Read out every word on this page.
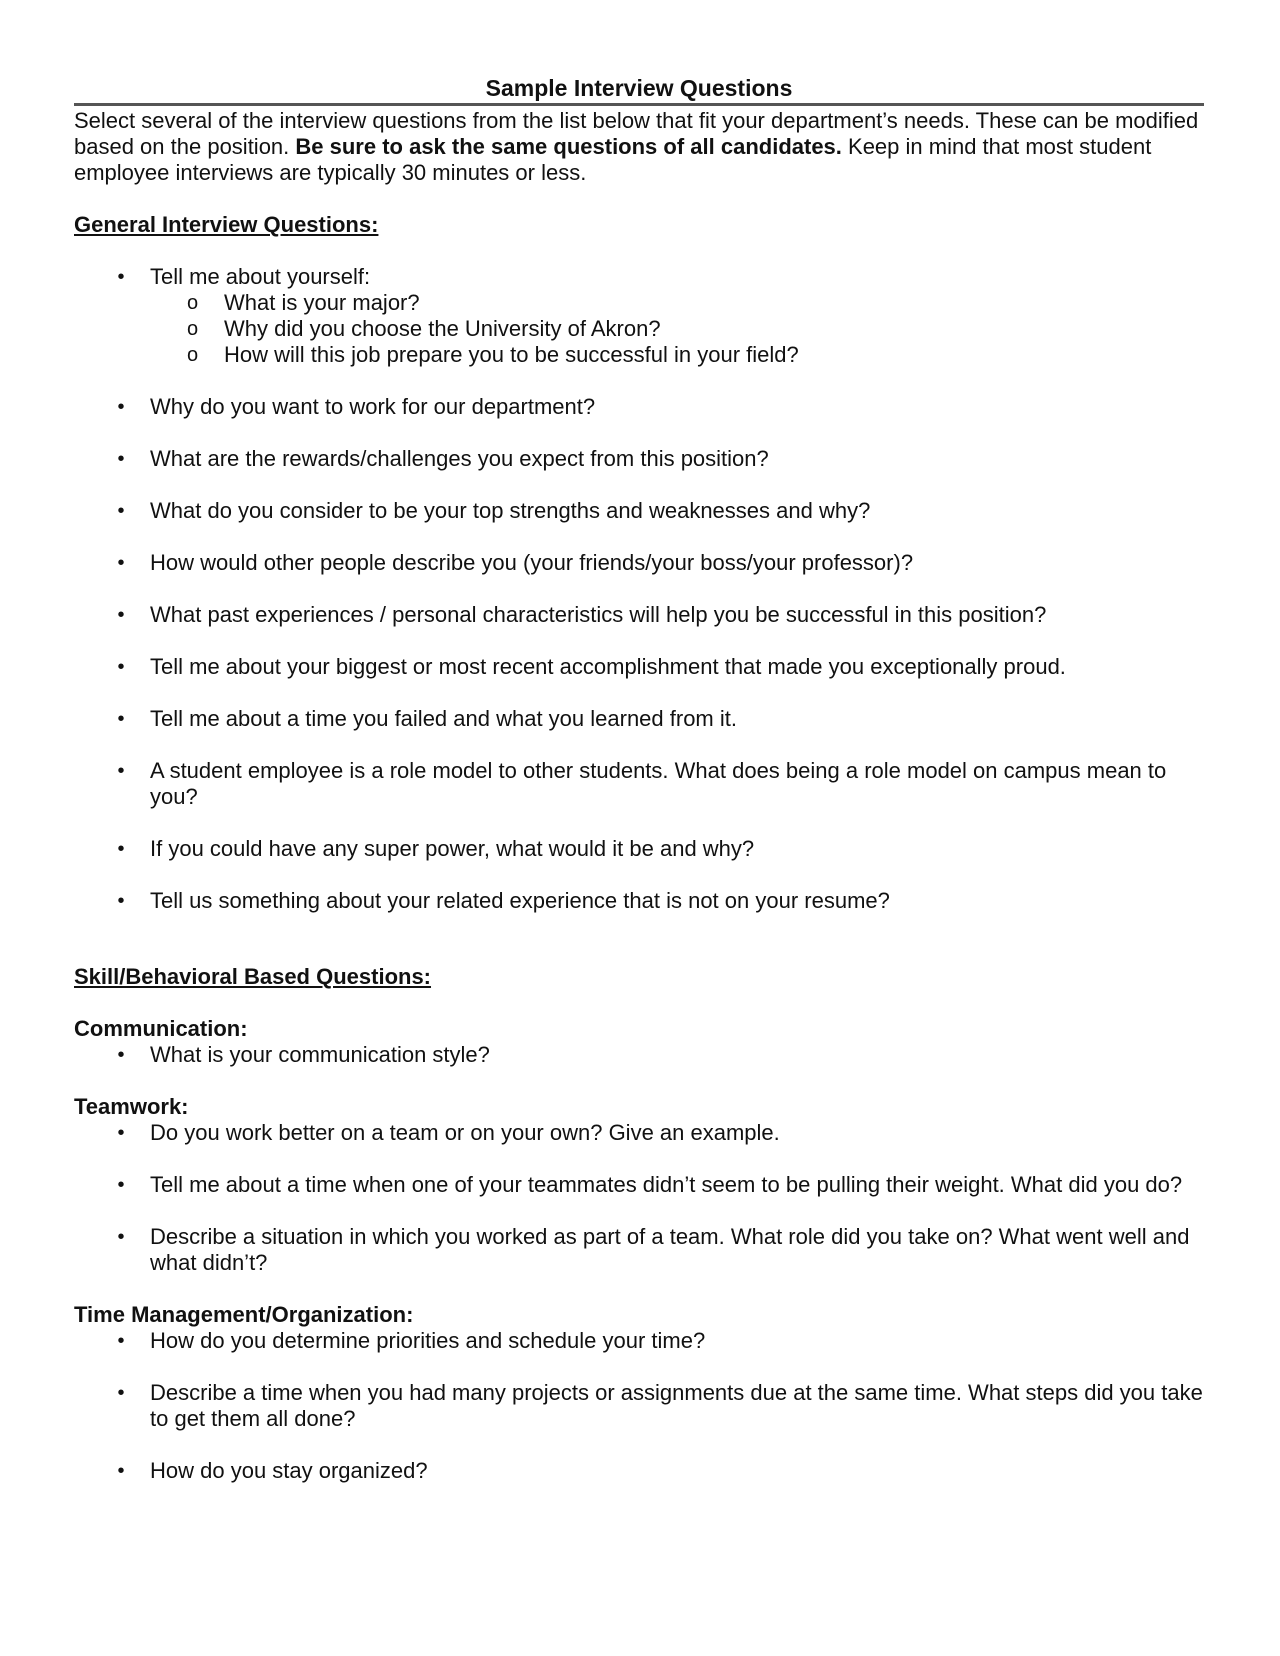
Sample Interview Questions

Select several of the interview questions from the list below that fit your department’s needs. These can be modified based on the position. Be sure to ask the same questions of all candidates. Keep in mind that most student employee interviews are typically 30 minutes or less.

General Interview Questions:

• Tell me about yourself:
o What is your major?
o Why did you choose the University of Akron?
o How will this job prepare you to be successful in your field?
• Why do you want to work for our department?
• What are the rewards/challenges you expect from this position?
• What do you consider to be your top strengths and weaknesses and why?
• How would other people describe you (your friends/your boss/your professor)?
• What past experiences / personal characteristics will help you be successful in this position?
• Tell me about your biggest or most recent accomplishment that made you exceptionally proud.
• Tell me about a time you failed and what you learned from it.
• A student employee is a role model to other students. What does being a role model on campus mean to you?
• If you could have any super power, what would it be and why?
• Tell us something about your related experience that is not on your resume?

Skill/Behavioral Based Questions:

Communication:

• What is your communication style?

Teamwork:

• Do you work better on a team or on your own? Give an example.
• Tell me about a time when one of your teammates didn’t seem to be pulling their weight. What did you do?
• Describe a situation in which you worked as part of a team. What role did you take on? What went well and what didn’t?

Time Management/Organization:

• How do you determine priorities and schedule your time?
• Describe a time when you had many projects or assignments due at the same time. What steps did you take to get them all done?
• How do you stay organized?
